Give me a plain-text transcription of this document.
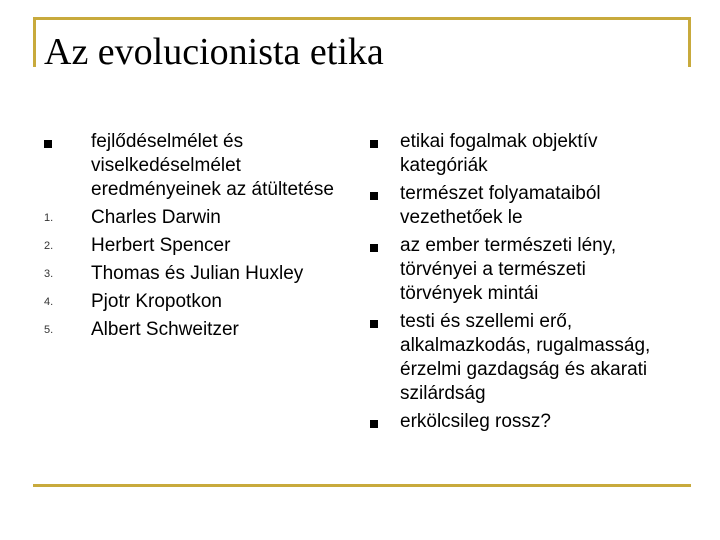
Az evolucionista etika
fejlődéselmélet és viselkedéselmélet eredményeinek az átültetése
1. Charles Darwin
2. Herbert Spencer
3. Thomas és Julian Huxley
4. Pjotr Kropotkon
5. Albert Schweitzer
etikai fogalmak objektív kategóriák
természet folyamataiból vezethetőek le
az ember természeti lény, törvényei a természeti törvények mintái
testi és szellemi erő, alkalmazkodás, rugalmasság, érzelmi gazdagság és akarati szilárdság
erkölcsileg rossz?
